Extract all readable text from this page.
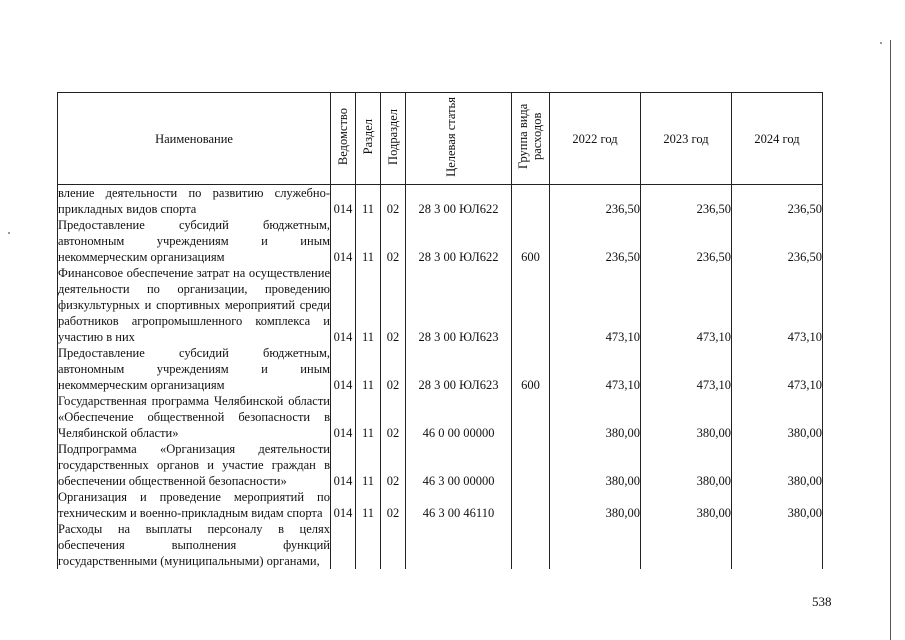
Наименование	Ведомство	Раздел	Подраздел	Целевая статья	Группа вида расходов	2022 год	2023 год	2024 год
вление деятельности по развитию служебно-прикладных видов спорта	014	11	02	28 3 00 ЮЛ622		236,50	236,50	236,50
Предоставление субсидий бюджетным, автономным учреждениям и иным некоммерческим организациям	014	11	02	28 3 00 ЮЛ622	600	236,50	236,50	236,50
Финансовое обеспечение затрат на осуществление деятельности по организации, проведению физкультурных и спортивных мероприятий среди работников агропромышленного комплекса и участию в них	014	11	02	28 3 00 ЮЛ623		473,10	473,10	473,10
Предоставление субсидий бюджетным, автономным учреждениям и иным некоммерческим организациям	014	11	02	28 3 00 ЮЛ623	600	473,10	473,10	473,10
Государственная программа Челябинской области «Обеспечение общественной безопасности в Челябинской области»	014	11	02	46 0 00 00000		380,00	380,00	380,00
Подпрограмма «Организация деятельности государственных органов и участие граждан в обеспечении общественной безопасности»	014	11	02	46 3 00 00000		380,00	380,00	380,00
Организация и проведение мероприятий по техническим и военно-прикладным видам спорта	014	11	02	46 3 00 46110		380,00	380,00	380,00
Расходы на выплаты персоналу в целях обеспечения выполнения функций государственными (муниципальными) органами,								
538
